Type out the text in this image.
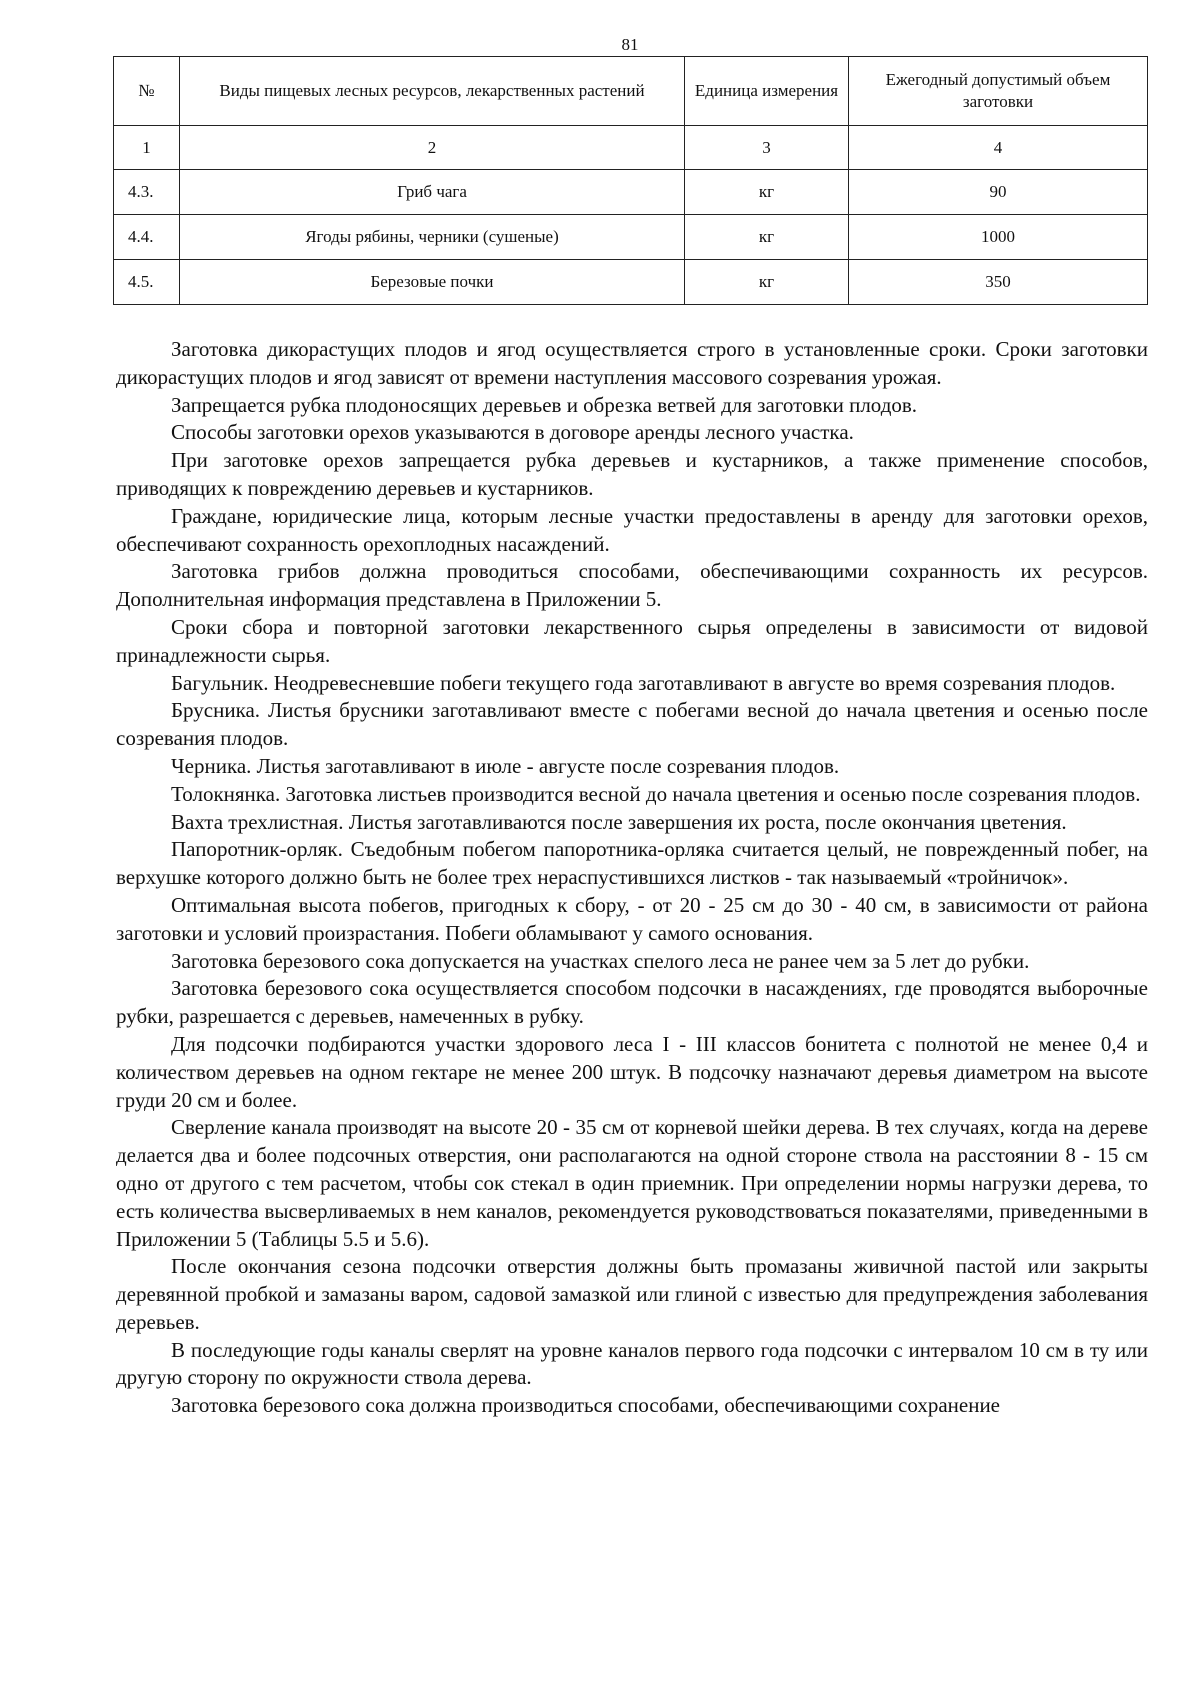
81
№	Виды пищевых лесных ресурсов, лекарственных растений	Единица измерения	Ежегодный допустимый объем заготовки
1	2	3	4
4.3.	Гриб чага	кг	90
4.4.	Ягоды рябины, черники (сушеные)	кг	1000
4.5.	Березовые почки	кг	350

Заготовка дикорастущих плодов и ягод осуществляется строго в установленные сроки. Сроки заготовки дикорастущих плодов и ягод зависят от времени наступления массового созревания урожая.

Запрещается рубка плодоносящих деревьев и обрезка ветвей для заготовки плодов.

Способы заготовки орехов указываются в договоре аренды лесного участка.

При заготовке орехов запрещается рубка деревьев и кустарников, а также применение способов, приводящих к повреждению деревьев и кустарников.

Граждане, юридические лица, которым лесные участки предоставлены в аренду для заготовки орехов, обеспечивают сохранность орехоплодных насаждений.

Заготовка грибов должна проводиться способами, обеспечивающими сохранность их ресурсов. Дополнительная информация представлена в Приложении 5.

Сроки сбора и повторной заготовки лекарственного сырья определены в зависимости от видовой принадлежности сырья.

Багульник. Неодревесневшие побеги текущего года заготавливают в августе во время созревания плодов.

Брусника. Листья брусники заготавливают вместе с побегами весной до начала цветения и осенью после созревания плодов.

Черника. Листья заготавливают в июле - августе после созревания плодов.

Толокнянка. Заготовка листьев производится весной до начала цветения и осенью после созревания плодов.

Вахта трехлистная. Листья заготавливаются после завершения их роста, после окончания цветения.

Папоротник-орляк. Съедобным побегом папоротника-орляка считается целый, не поврежденный побег, на верхушке которого должно быть не более трех нераспустившихся листков - так называемый «тройничок».

Оптимальная высота побегов, пригодных к сбору, - от 20 - 25 см до 30 - 40 см, в зависимости от района заготовки и условий произрастания. Побеги обламывают у самого основания.

Заготовка березового сока допускается на участках спелого леса не ранее чем за 5 лет до рубки.

Заготовка березового сока осуществляется способом подсочки в насаждениях, где проводятся выборочные рубки, разрешается с деревьев, намеченных в рубку.

Для подсочки подбираются участки здорового леса I - III классов бонитета с полнотой не менее 0,4 и количеством деревьев на одном гектаре не менее 200 штук. В подсочку назначают деревья диаметром на высоте груди 20 см и более.

Сверление канала производят на высоте 20 - 35 см от корневой шейки дерева. В тех случаях, когда на дереве делается два и более подсочных отверстия, они располагаются на одной стороне ствола на расстоянии 8 - 15 см одно от другого с тем расчетом, чтобы сок стекал в один приемник. При определении нормы нагрузки дерева, то есть количества высверливаемых в нем каналов, рекомендуется руководствоваться показателями, приведенными в Приложении 5 (Таблицы 5.5 и 5.6).

После окончания сезона подсочки отверстия должны быть промазаны живичной пастой или закрыты деревянной пробкой и замазаны варом, садовой замазкой или глиной с известью для предупреждения заболевания деревьев.

В последующие годы каналы сверлят на уровне каналов первого года подсочки с интервалом 10 см в ту или другую сторону по окружности ствола дерева.

Заготовка березового сока должна производиться способами, обеспечивающими сохранение
